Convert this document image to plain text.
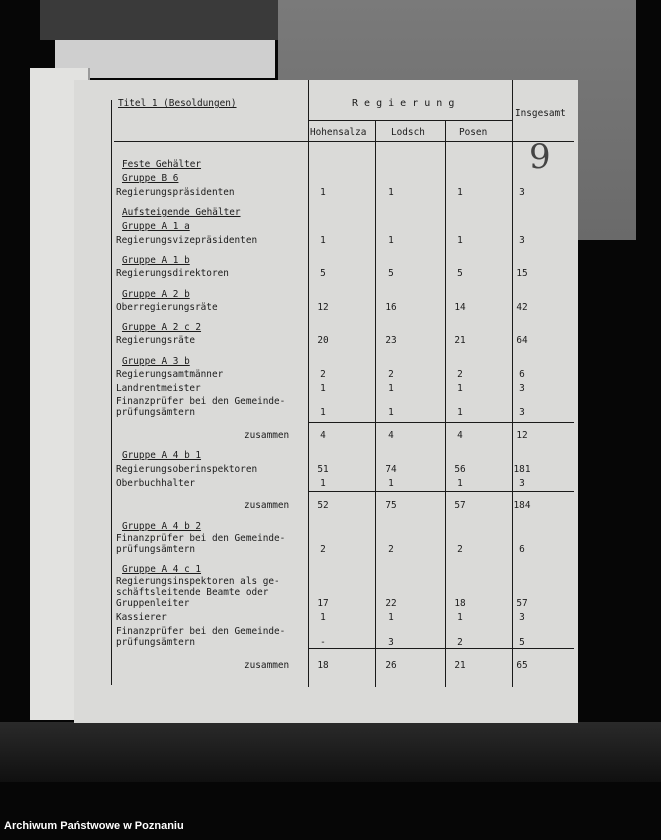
Titel 1 (Besoldungen)	R e g i e r u n g
Insgesamt
Hohensalza	Lodsch	Posen
9
Feste Gehälter
Gruppe B 6
Regierungspräsidenten	1	1	1	3
Aufsteigende Gehälter
Gruppe A 1 a
Regierungsvizepräsidenten	1	1	1	3
Gruppe A 1 b
Regierungsdirektoren	5	5	5	15
Gruppe A 2 b
Oberregierungsräte	12	16	14	42
Gruppe A 2 c 2
Regierungsräte	20	23	21	64
Gruppe A 3 b
Regierungsamtmänner	2	2	2	6
Landrentmeister	1	1	1	3
Finanzprüfer bei den Gemeinde-
prüfungsämtern	1	1	1	3
zusammen	4	4	4	12
Gruppe A 4 b 1
Regierungsoberinspektoren	51	74	56	181
Oberbuchhalter	1	1	1	3
zusammen	52	75	57	184
Gruppe A 4 b 2
Finanzprüfer bei den Gemeinde-
prüfungsämtern	2	2	2	6
Gruppe A 4 c 1
Regierungsinspektoren als ge-
schäftsleitende Beamte oder
Gruppenleiter	17	22	18	57
Kassierer	1	1	1	3
Finanzprüfer bei den Gemeinde-
prüfungsämtern	-	3	2	5
zusammen	18	26	21	65
Archiwum Państwowe w Poznaniu
